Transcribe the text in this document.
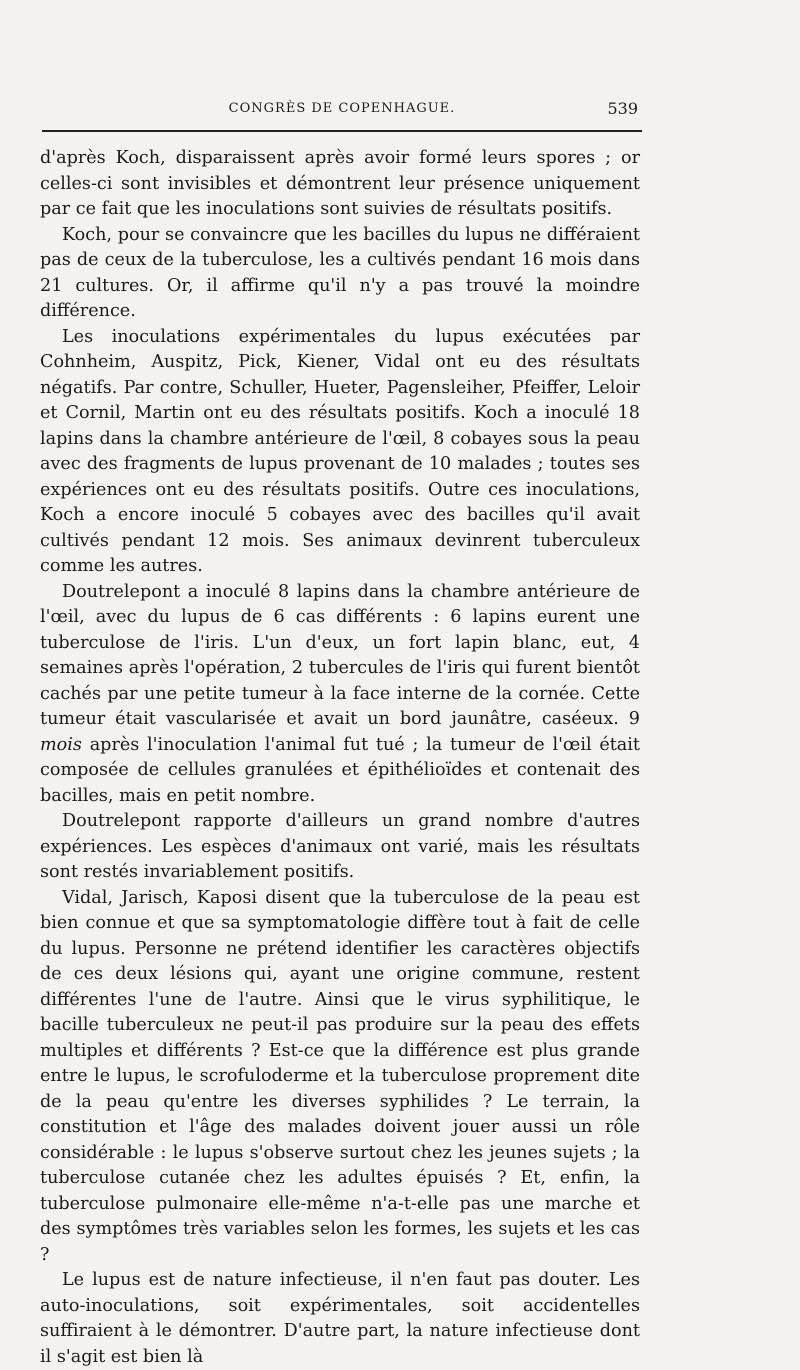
CONGRÈS DE COPENHAGUE.	539

d'après Koch, disparaissent après avoir formé leurs spores ; or celles-ci sont invisibles et démontrent leur présence uniquement par ce fait que les inoculations sont suivies de résultats positifs.

Koch, pour se convaincre que les bacilles du lupus ne différaient pas de ceux de la tuberculose, les a cultivés pendant 16 mois dans 21 cultures. Or, il affirme qu'il n'y a pas trouvé la moindre différence.

Les inoculations expérimentales du lupus exécutées par Cohnheim, Auspitz, Pick, Kiener, Vidal ont eu des résultats négatifs. Par contre, Schuller, Hueter, Pagensleiher, Pfeiffer, Leloir et Cornil, Martin ont eu des résultats positifs. Koch a inoculé 18 lapins dans la chambre antérieure de l'œil, 8 cobayes sous la peau avec des fragments de lupus provenant de 10 malades ; toutes ses expériences ont eu des résultats positifs. Outre ces inoculations, Koch a encore inoculé 5 cobayes avec des bacilles qu'il avait cultivés pendant 12 mois. Ses animaux devinrent tuberculeux comme les autres.

Doutrelepont a inoculé 8 lapins dans la chambre antérieure de l'œil, avec du lupus de 6 cas différents : 6 lapins eurent une tuberculose de l'iris. L'un d'eux, un fort lapin blanc, eut, 4 semaines après l'opération, 2 tubercules de l'iris qui furent bientôt cachés par une petite tumeur à la face interne de la cornée. Cette tumeur était vascularisée et avait un bord jaunâtre, caséeux. 9 mois après l'inoculation l'animal fut tué ; la tumeur de l'œil était composée de cellules granulées et épithélioïdes et contenait des bacilles, mais en petit nombre.

Doutrelepont rapporte d'ailleurs un grand nombre d'autres expériences. Les espèces d'animaux ont varié, mais les résultats sont restés invariablement positifs.

Vidal, Jarisch, Kaposi disent que la tuberculose de la peau est bien connue et que sa symptomatologie diffère tout à fait de celle du lupus. Personne ne prétend identifier les caractères objectifs de ces deux lésions qui, ayant une origine commune, restent différentes l'une de l'autre. Ainsi que le virus syphilitique, le bacille tuberculeux ne peut-il pas produire sur la peau des effets multiples et différents ? Est-ce que la différence est plus grande entre le lupus, le scrofuloderme et la tuberculose proprement dite de la peau qu'entre les diverses syphilides ? Le terrain, la constitution et l'âge des malades doivent jouer aussi un rôle considérable : le lupus s'observe surtout chez les jeunes sujets ; la tuberculose cutanée chez les adultes épuisés ? Et, enfin, la tuberculose pulmonaire elle-même n'a-t-elle pas une marche et des symptômes très variables selon les formes, les sujets et les cas ?

Le lupus est de nature infectieuse, il n'en faut pas douter. Les auto-inoculations, soit expérimentales, soit accidentelles suffiraient à le démontrer. D'autre part, la nature infectieuse dont il s'agit est bien là
